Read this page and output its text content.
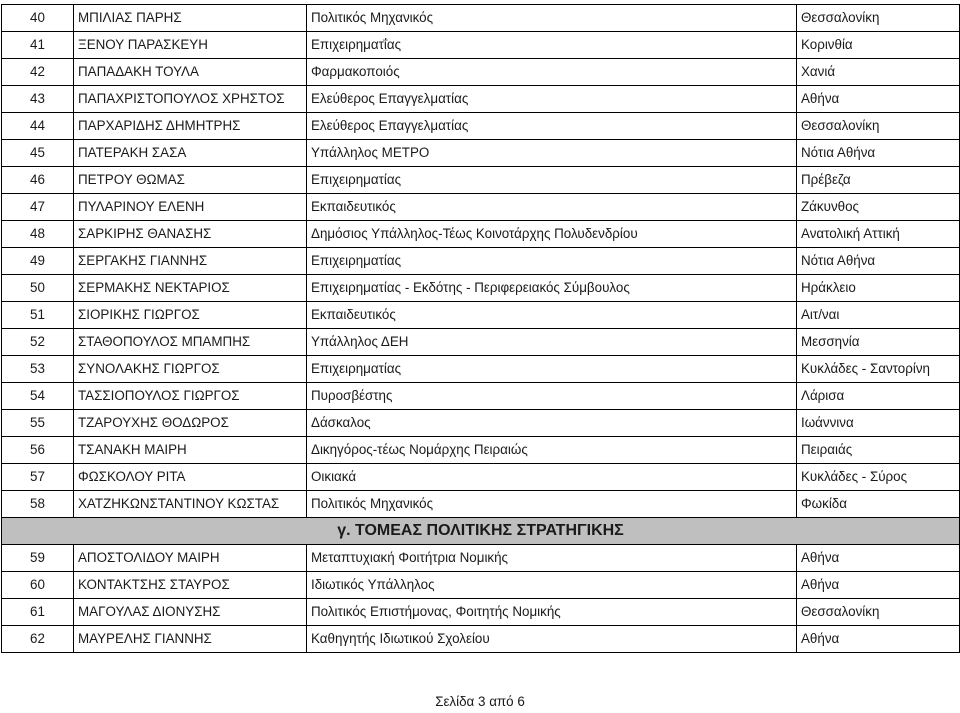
40	ΜΠΙΛΙΑΣ ΠΑΡΗΣ	Πολιτικός Μηχανικός	Θεσσαλονίκη
41	ΞΕΝΟΥ ΠΑΡΑΣΚΕΥΗ	Επιχειρηματΐας	Κορινθία
42	ΠΑΠΑΔΑΚΗ ΤΟΥΛΑ	Φαρμακοποιός	Χανιά
43	ΠΑΠΑΧΡΙΣΤΟΠΟΥΛΟΣ ΧΡΗΣΤΟΣ	Ελεύθερος Επαγγελματίας	Αθήνα
44	ΠΑΡΧΑΡΙΔΗΣ ΔΗΜΗΤΡΗΣ	Ελεύθερος Επαγγελματίας	Θεσσαλονίκη
45	ΠΑΤΕΡΑΚΗ ΣΑΣΑ	Υπάλληλος ΜΕΤΡΟ	Νότια Αθήνα
46	ΠΕΤΡΟΥ ΘΩΜΑΣ	Επιχειρηματίας	Πρέβεζα
47	ΠΥΛΑΡΙΝΟΥ ΕΛΕΝΗ	Εκπαιδευτικός	Ζάκυνθος
48	ΣΑΡΚΙΡΗΣ ΘΑΝΑΣΗΣ	Δημόσιος Υπάλληλος-Τέως Κοινοτάρχης Πολυδενδρίου	Ανατολική Αττική
49	ΣΕΡΓΑΚΗΣ ΓΙΑΝΝΗΣ	Επιχειρηματίας	Νότια Αθήνα
50	ΣΕΡΜΑΚΗΣ ΝΕΚΤΑΡΙΟΣ	Επιχειρηματίας - Εκδότης - Περιφερειακός Σύμβουλος	Ηράκλειο
51	ΣΙΟΡΙΚΗΣ ΓΙΩΡΓΟΣ	Εκπαιδευτικός	Αιτ/ναι
52	ΣΤΑΘΟΠΟΥΛΟΣ ΜΠΑΜΠΗΣ	Υπάλληλος ΔΕΗ	Μεσσηνία
53	ΣΥΝΟΛΑΚΗΣ ΓΙΩΡΓΟΣ	Επιχειρηματίας	Κυκλάδες - Σαντορίνη
54	ΤΑΣΣΙΟΠΟΥΛΟΣ ΓΙΩΡΓΟΣ	Πυροσβέστης	Λάρισα
55	ΤΖΑΡΟΥΧΗΣ ΘΟΔΩΡΟΣ	Δάσκαλος	Ιωάννινα
56	ΤΣΑΝΑΚΗ ΜΑΙΡΗ	Δικηγόρος-τέως Νομάρχης Πειραιώς	Πειραιάς
57	ΦΩΣΚΟΛΟΥ ΡΙΤΑ	Οικιακά	Κυκλάδες - Σύρος
58	ΧΑΤΖΗΚΩΝΣΤΑΝΤΙΝΟΥ ΚΩΣΤΑΣ	Πολιτικός Μηχανικός	Φωκίδα
γ. ΤΟΜΕΑΣ ΠΟΛΙΤΙΚΗΣ ΣΤΡΑΤΗΓΙΚΗΣ			
59	ΑΠΟΣΤΟΛΙΔΟΥ ΜΑΙΡΗ	Μεταπτυχιακή Φοιτήτρια Νομικής	Αθήνα
60	ΚΟΝΤΑΚΤΣΗΣ ΣΤΑΥΡΟΣ	Ιδιωτικός Υπάλληλος	Αθήνα
61	ΜΑΓΟΥΛΑΣ ΔΙΟΝΥΣΗΣ	Πολιτικός Επιστήμονας, Φοιτητής Νομικής	Θεσσαλονίκη
62	ΜΑΥΡΕΛΗΣ ΓΙΑΝΝΗΣ	Καθηγητής Ιδιωτικού Σχολείου	Αθήνα
Σελίδα 3 από 6
